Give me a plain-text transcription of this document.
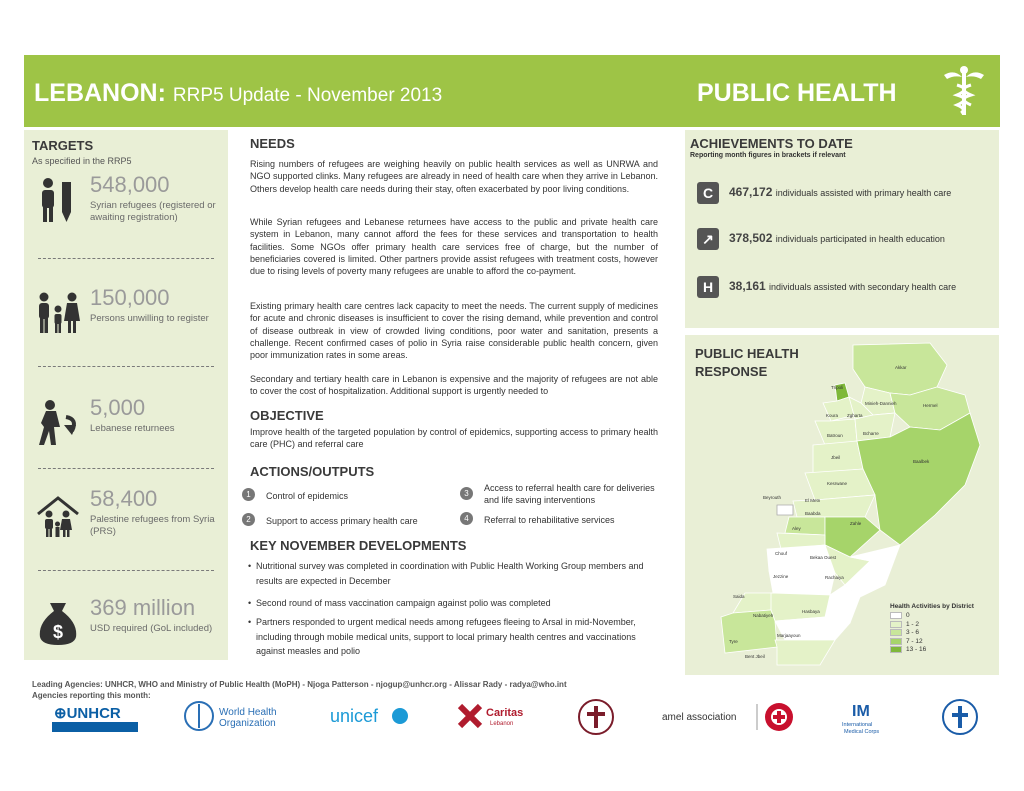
LEBANON: RRP5 Update - November 2013	PUBLIC HEALTH
TARGETS
As specified in the RRP5
548,000
Syrian refugees (registered or awaiting registration)
150,000
Persons unwilling to register
5,000
Lebanese returnees
58,400
Palestine refugees from Syria (PRS)
$
369 million
USD required (GoL included)
NEEDS
Rising numbers of refugees are weighing heavily on public health services as well as UNRWA and NGO supported clinks. Many refugees are already in need of health care when they arrive in Lebanon. Others develop health care needs during their stay, often exacerbated by poor living conditions.
While Syrian refugees and Lebanese returnees have access to the public and private health care system in Lebanon, many cannot afford the fees for these services and transportation to health facilities. Some NGOs offer primary health care services free of charge, but the number of beneficiaries covered is limited. Other partners provide assist refugees with treatment costs, however due to rising levels of poverty many refugees are unable to afford the co-payment.
Existing primary health care centres lack capacity to meet the needs. The current supply of medicines for acute and chronic diseases is insufficient to cover the rising demand, while prevention and control of disease outbreak in view of crowded living conditions, poor water and sanitation, presents a challenge. Recent confirmed cases of polio in Syria raise considerable public health concern, given poor immunization rates in some areas.
Secondary and tertiary health care in Lebanon is expensive and the majority of refugees are not able to cover the cost of hospitalization. Additional support is urgently needed to
OBJECTIVE
Improve health of the targeted population by control of epidemics, supporting access to primary health care (PHC) and referral care
ACTIONS/OUTPUTS
1	Control of epidemics
2	Support to access primary health care
3
Access to referral health care for deliveries and life saving interventions
4	Referral to rehabilitative services
KEY NOVEMBER DEVELOPMENTS
• Nutritional survey was completed in coordination with Public Health Working Group members and results are expected in December
• Second round of mass vaccination campaign against polio was completed
• Partners responded to urgent medical needs among refugees fleeing to Arsal in mid-November, including through mobile medical units, support to local primary health centres and vaccinations against measles and polio
ACHIEVEMENTS TO DATE
Reporting month figures in brackets if relevant
C	467,172 individuals assisted with primary health care
↗	378,502 individuals participated in health education
H	38,161 individuals assisted with secondary health care
PUBLIC HEALTH RESPONSE	Akkar
Tripoli
Minieh-Dannieh
Koura Zgharta
Hermel
Batroun	Bcharre
Jbeil
Baalbek
Kesrwane
Beyrouth
El Metn
Baabda
Zahle
Aley
Chouf
Bekaa Ouest
Rachaiya
Jezzine
Saida
Hasbaya
Nabatiyeh
Marjaayoun
Tyre
Bent Jbeil
Health Activities by District
0
1 - 2
3 - 6
7 - 12
13 - 16
Leading Agencies: UNHCR, WHO and Ministry of Public Health (MoPH) - Njoga Patterson - njogup@unhcr.org - Alissar Rady - radya@who.int
Agencies reporting this month:
⊕UNHCR	World Health
Organization	unicef	Caritas
Lebanon
amel association	IM
International
Medical Corps
